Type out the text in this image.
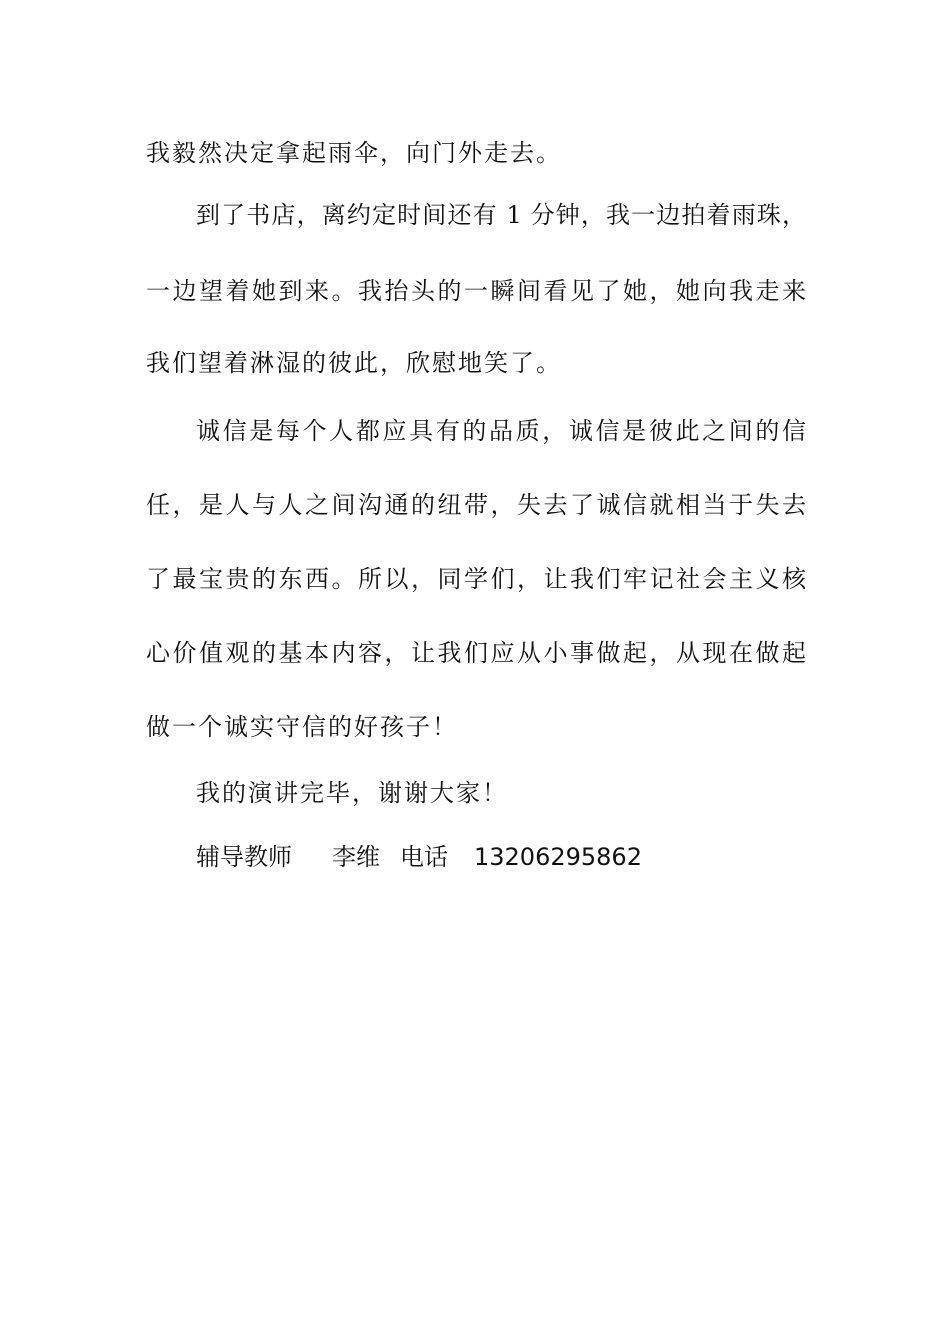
我毅然决定拿起雨伞，向门外走去。
到了书店，离约定时间还有 1 分钟，我一边拍着雨珠，
一边望着她到来。我抬头的一瞬间看见了她，她向我走来
我们望着淋湿的彼此，欣慰地笑了。
诚信是每个人都应具有的品质，诚信是彼此之间的信
任，是人与人之间沟通的纽带，失去了诚信就相当于失去
了最宝贵的东西。所以，同学们，让我们牢记社会主义核
心价值观的基本内容，让我们应从小事做起，从现在做起
做一个诚实守信的好孩子！
我的演讲完毕，谢谢大家！
辅导教师 李维 电话 13206295862
